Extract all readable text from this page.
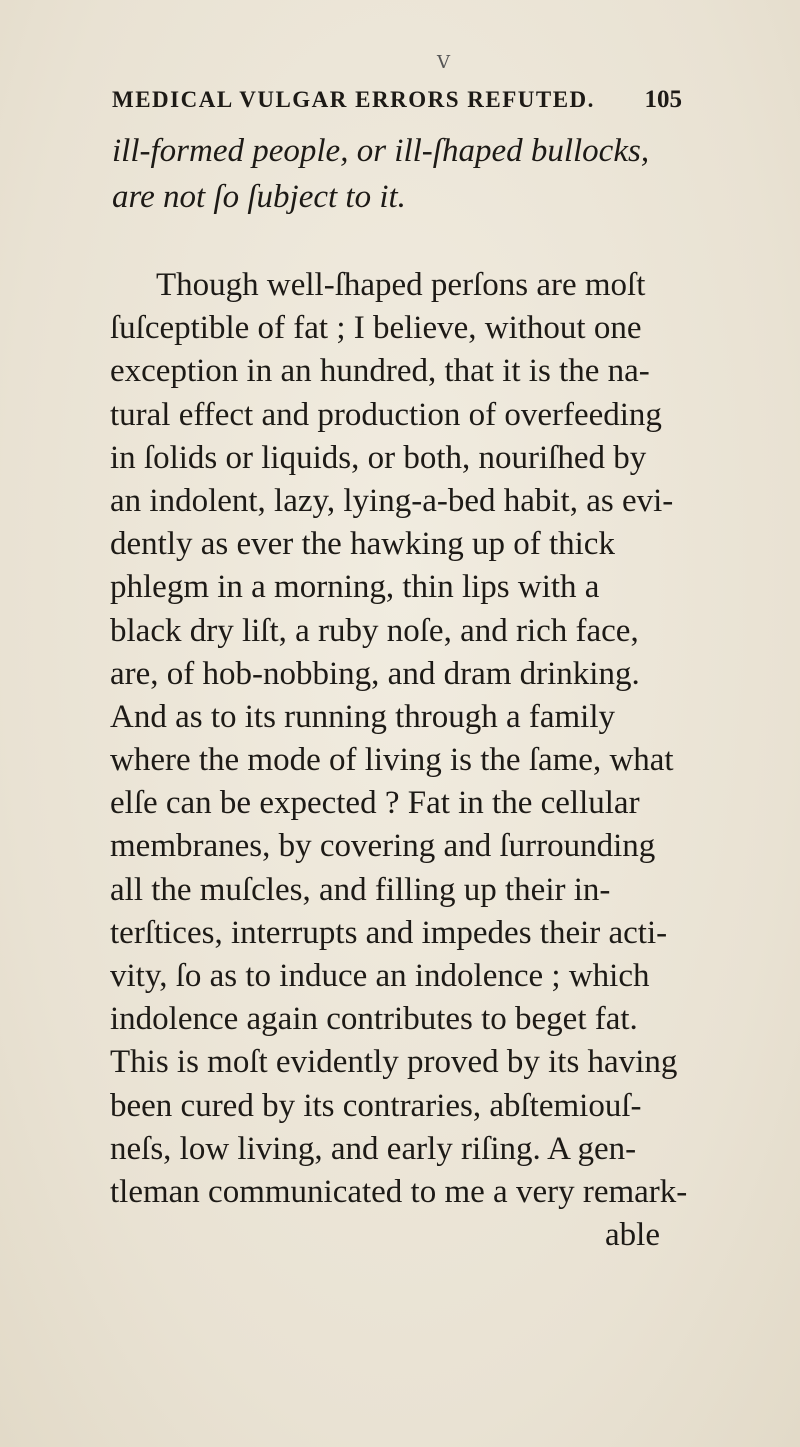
V
MEDICAL VULGAR ERRORS REFUTED. 105
ill-formed people, or ill-ſhaped bullocks,
are not ſo ſubject to it.
Though well-ſhaped perſons are moſt
ſuſceptible of fat ; I believe, without one
exception in an hundred, that it is the na-
tural effect and production of overfeeding
in ſolids or liquids, or both, nouriſhed by
an indolent, lazy, lying-a-bed habit, as evi-
dently as ever the hawking up of thick
phlegm in a morning, thin lips with a
black dry liſt, a ruby noſe, and rich face,
are, of hob-nobbing, and dram drinking.
And as to its running through a family
where the mode of living is the ſame, what
elſe can be expected ? Fat in the cellular
membranes, by covering and ſurrounding
all the muſcles, and filling up their in-
terſtices, interrupts and impedes their acti-
vity, ſo as to induce an indolence ; which
indolence again contributes to beget fat.
This is moſt evidently proved by its having
been cured by its contraries, abſtemiouſ-
neſs, low living, and early riſing. A gen-
tleman communicated to me a very remark-
able
